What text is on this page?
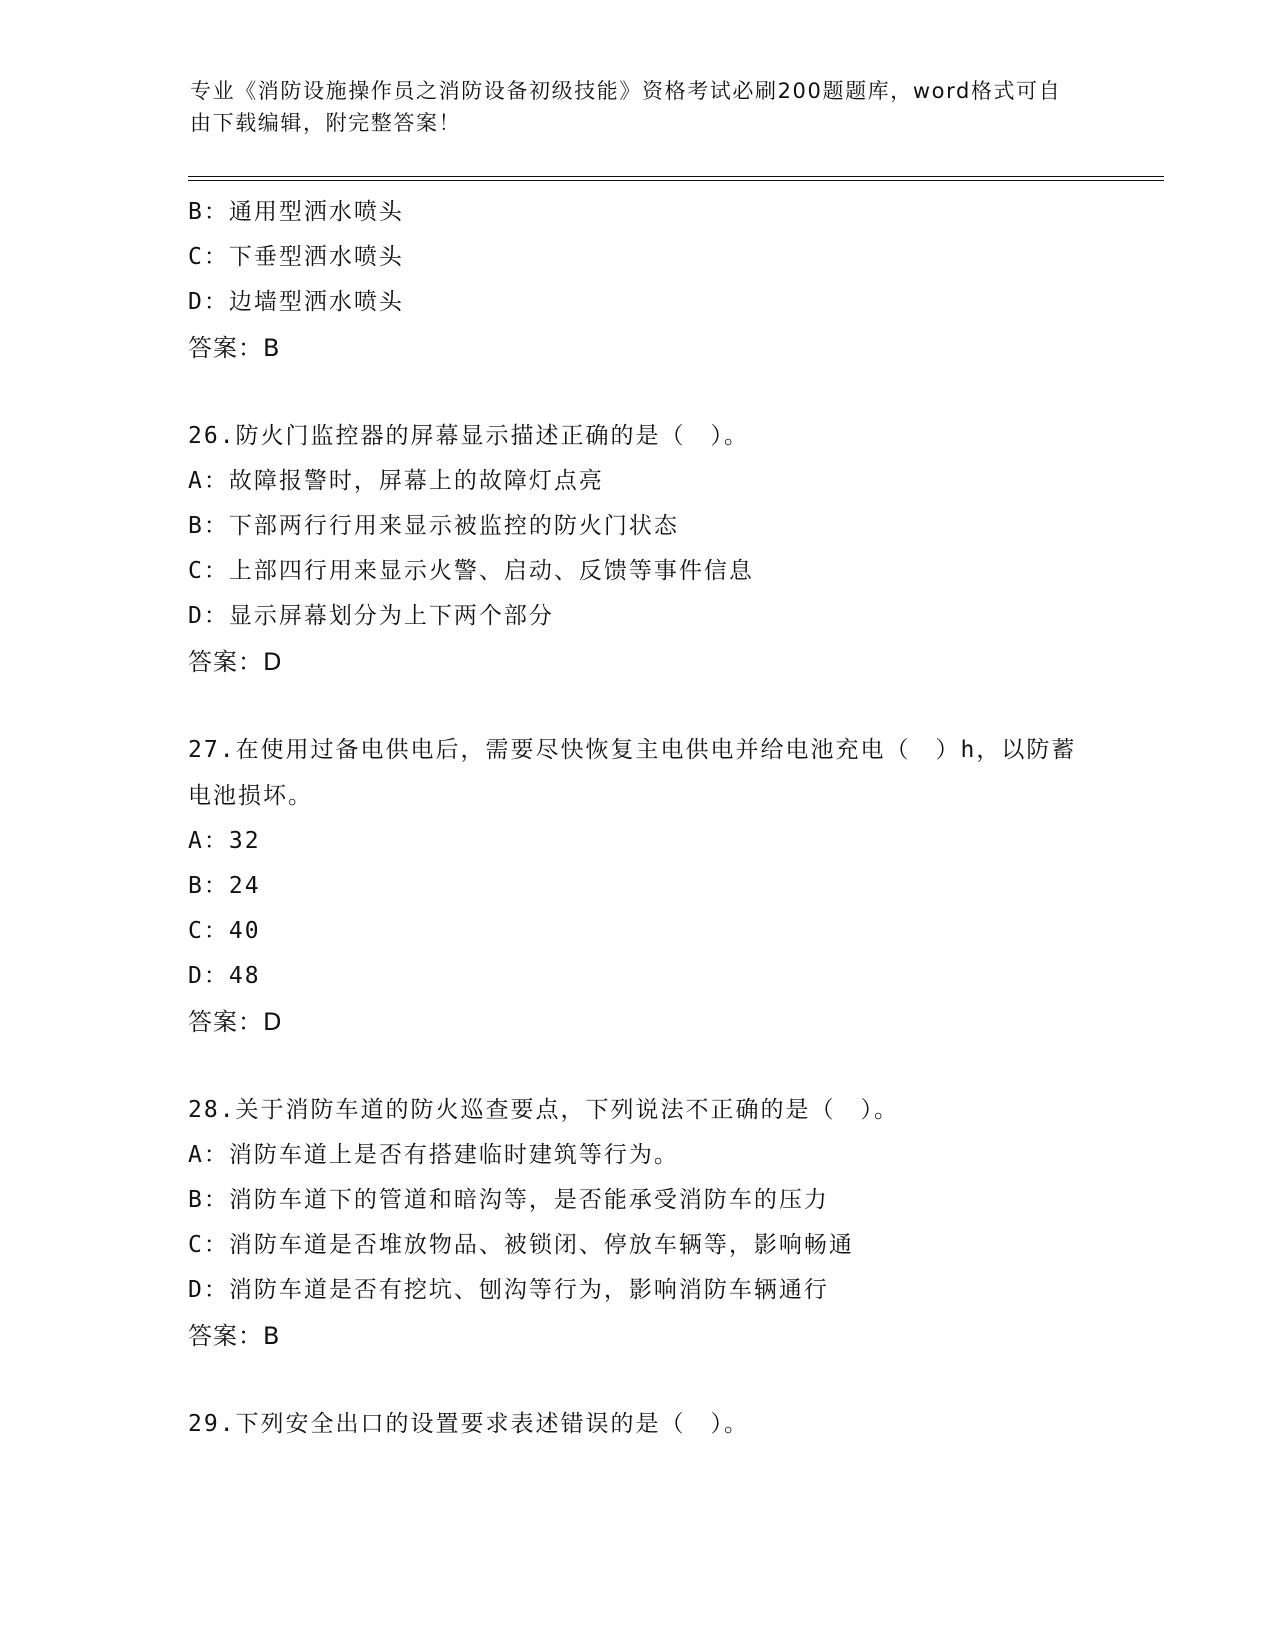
专业《消防设施操作员之消防设备初级技能》资格考试必刷200题题库，word格式可自由下载编辑，附完整答案！
B：通用型洒水喷头
C：下垂型洒水喷头
D：边墙型洒水喷头
答案：B
26.防火门监控器的屏幕显示描述正确的是（　）。
A：故障报警时，屏幕上的故障灯点亮
B：下部两行行用来显示被监控的防火门状态
C：上部四行用来显示火警、启动、反馈等事件信息
D：显示屏幕划分为上下两个部分
答案：D
27.在使用过备电供电后，需要尽快恢复主电供电并给电池充电（　）h，以防蓄电池损坏。
A：32
B：24
C：40
D：48
答案：D
28.关于消防车道的防火巡查要点，下列说法不正确的是（　）。
A：消防车道上是否有搭建临时建筑等行为。
B：消防车道下的管道和暗沟等，是否能承受消防车的压力
C：消防车道是否堆放物品、被锁闭、停放车辆等，影响畅通
D：消防车道是否有挖坑、刨沟等行为，影响消防车辆通行
答案：B
29.下列安全出口的设置要求表述错误的是（　）。
